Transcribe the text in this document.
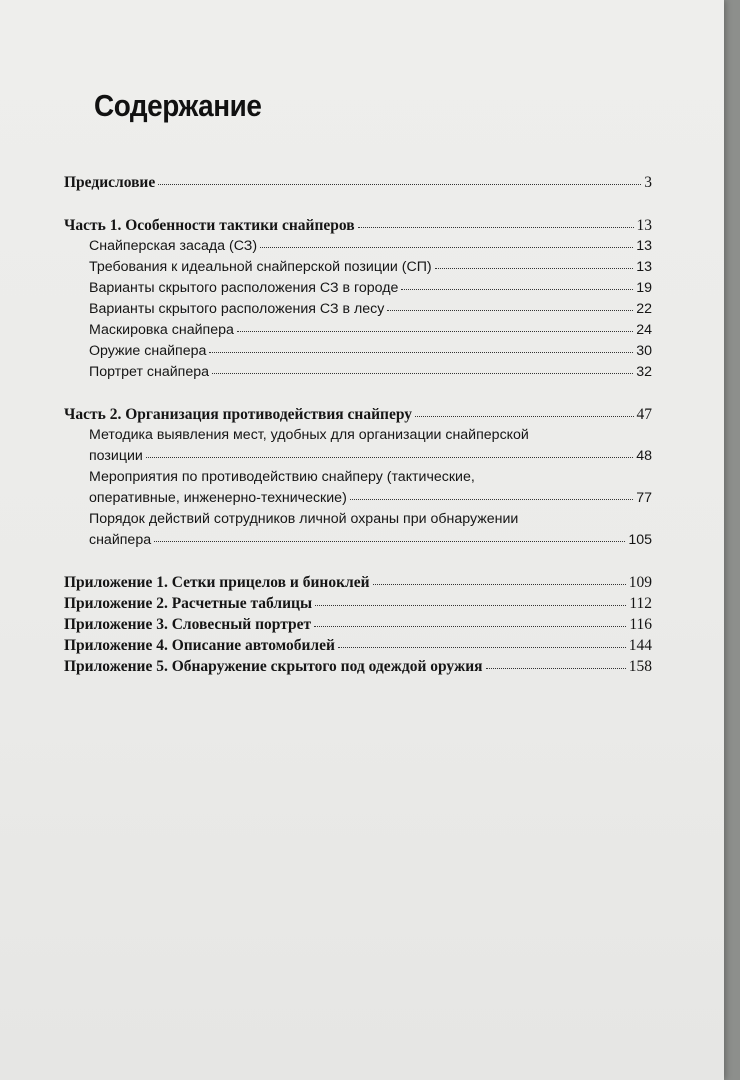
Содержание
Предисловие	3
Часть 1. Особенности тактики снайперов	13
Снайперская засада (СЗ)	13
Требования к идеальной снайперской позиции (СП)	13
Варианты скрытого расположения СЗ в городе	19
Варианты скрытого расположения СЗ в лесу	22
Маскировка снайпера	24
Оружие снайпера	30
Портрет снайпера	32
Часть 2. Организация противодействия снайперу	47
Методика выявления мест, удобных для организации снайперской
позиции	48
Мероприятия по противодействию снайперу (тактические,
оперативные, инженерно-технические)	77
Порядок действий сотрудников личной охраны при обнаружении
снайпера	105
Приложение 1. Сетки прицелов и биноклей	109
Приложение 2. Расчетные таблицы	112
Приложение 3. Словесный портрет	116
Приложение 4. Описание автомобилей	144
Приложение 5. Обнаружение скрытого под одеждой оружия	158
